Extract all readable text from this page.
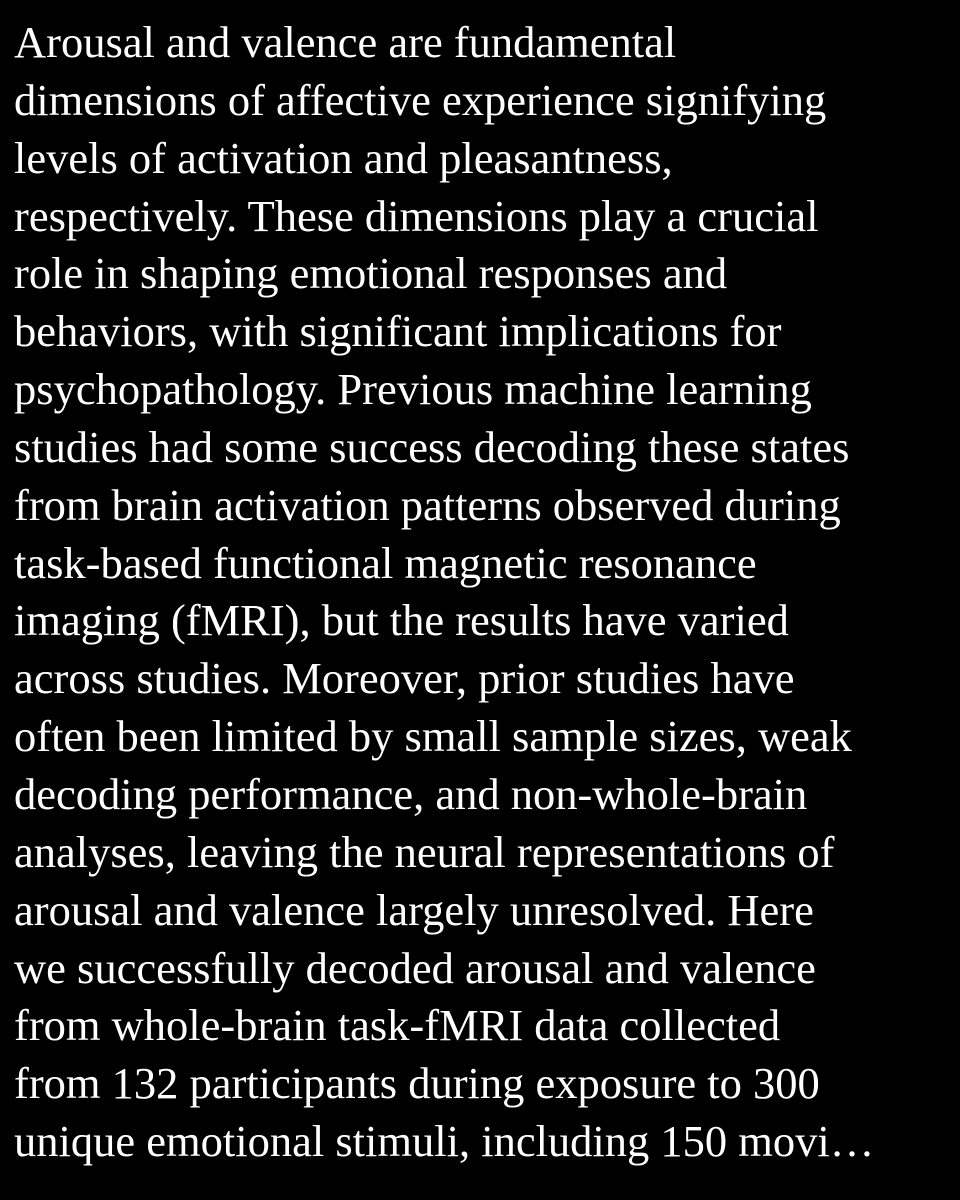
Arousal and valence are fundamental
dimensions of affective experience signifying
levels of activation and pleasantness,
respectively. These dimensions play a crucial
role in shaping emotional responses and
behaviors, with significant implications for
psychopathology. Previous machine learning
studies had some success decoding these states
from brain activation patterns observed during
task-based functional magnetic resonance
imaging (fMRI), but the results have varied
across studies. Moreover, prior studies have
often been limited by small sample sizes, weak
decoding performance, and non-whole-brain
analyses, leaving the neural representations of
arousal and valence largely unresolved. Here
we successfully decoded arousal and valence
from whole-brain task-fMRI data collected
from 132 participants during exposure to 300
unique emotional stimuli, including 150 movi…
